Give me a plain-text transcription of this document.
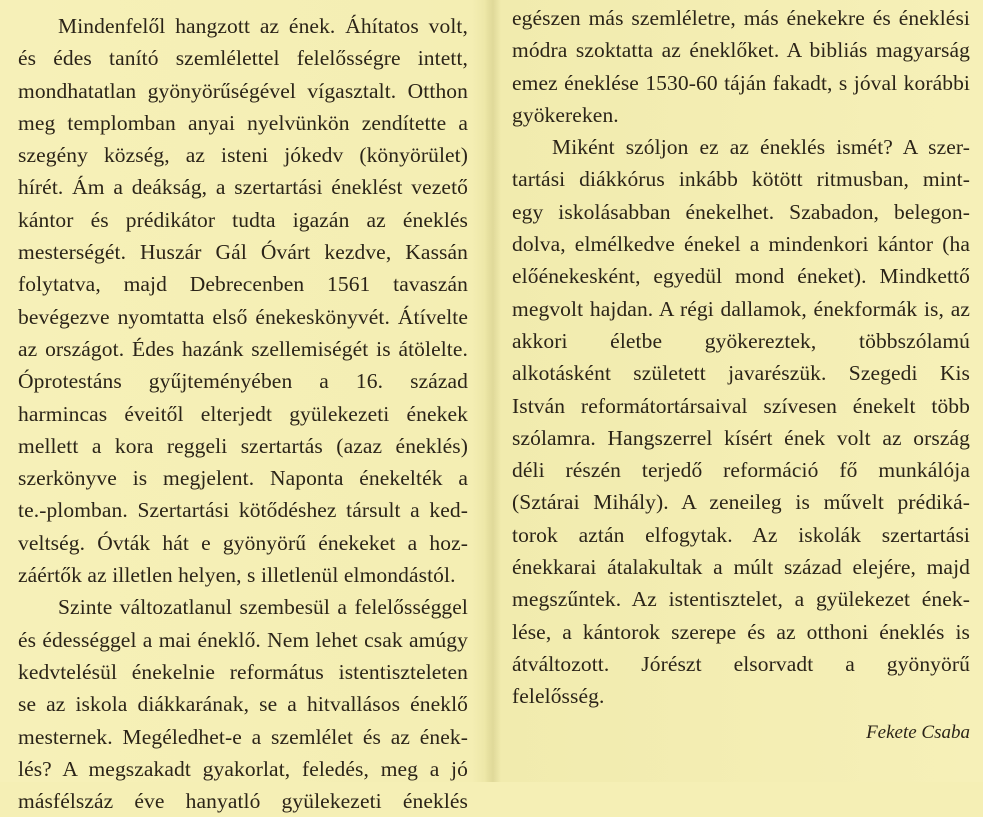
Mindenfelől hangzott az ének. Áhítatos volt,
és édes tanító szemlélettel felelősségre intett,
mondhatatlan gyönyörűségével vígasztalt. Otthon
meg templomban anyai nyelvünkön zendítette a
szegény község, az isteni jókedv (könyörület)
hírét. Ám a deákság, a szertartási éneklést vezető
kántor és prédikátor tudta igazán az éneklés
mesterségét. Huszár Gál Óvárt kezdve, Kassán
folytatva, majd Debrecenben 1561 tavaszán
bevégezve nyomtatta első énekeskönyvét. Átívelte
az országot. Édes hazánk szellemiségét is átölelte.
Óprotestáns gyűjteményében a 16. század
harmincas éveitől elterjedt gyülekezeti énekek
mellett a kora reggeli szertartás (azaz éneklés)
szerkönyve is megjelent. Naponta énekelték a
te.-plomban. Szertartási kötődéshez társult a ked-
veltség. Óvták hát e gyönyörű énekeket a hoz-
záértők az illetlen helyen, s illetlenül elmondástól.
Szinte változatlanul szembesül a felelősséggel
és édességgel a mai éneklő. Nem lehet csak amúgy
kedvtelésül énekelnie református istentiszteleten
se az iskola diákkarának, se a hitvallásos éneklő
mesternek. Megéledhet-e a szemlélet és az ének-
lés? A megszakadt gyakorlat, feledés, meg a jó
másfélszáz éve hanyatló gyülekezeti éneklés
egészen más szemléletre, más énekekre és éneklési
módra szoktatta az éneklőket. A bibliás magyarság
emez éneklése 1530-60 táján fakadt, s jóval korábbi
gyökereken.
Miként szóljon ez az éneklés ismét? A szer-
tartási diákkórus inkább kötött ritmusban, mint-
egy iskolásabban énekelhet. Szabadon, belegon-
dolva, elmélkedve énekel a mindenkori kántor (ha
előénekesként, egyedül mond éneket). Mindkettő
megvolt hajdan. A régi dallamok, énekformák is, az
akkori életbe gyökereztek, többszólamú
alkotásként született javarészük. Szegedi Kis
István reformátortársaival szívesen énekelt több
szólamra. Hangszerrel kísért ének volt az ország
déli részén terjedő reformáció fő munkálója
(Sztárai Mihály). A zeneileg is művelt prédiká-
torok aztán elfogytak. Az iskolák szertartási
énekkarai átalakultak a múlt század elejére, majd
megszűntek. Az istentisztelet, a gyülekezet ének-
lése, a kántorok szerepe és az otthoni éneklés is
átváltozott. Jórészt elsorvadt a gyönyörű
felelősség.
Fekete Csaba
